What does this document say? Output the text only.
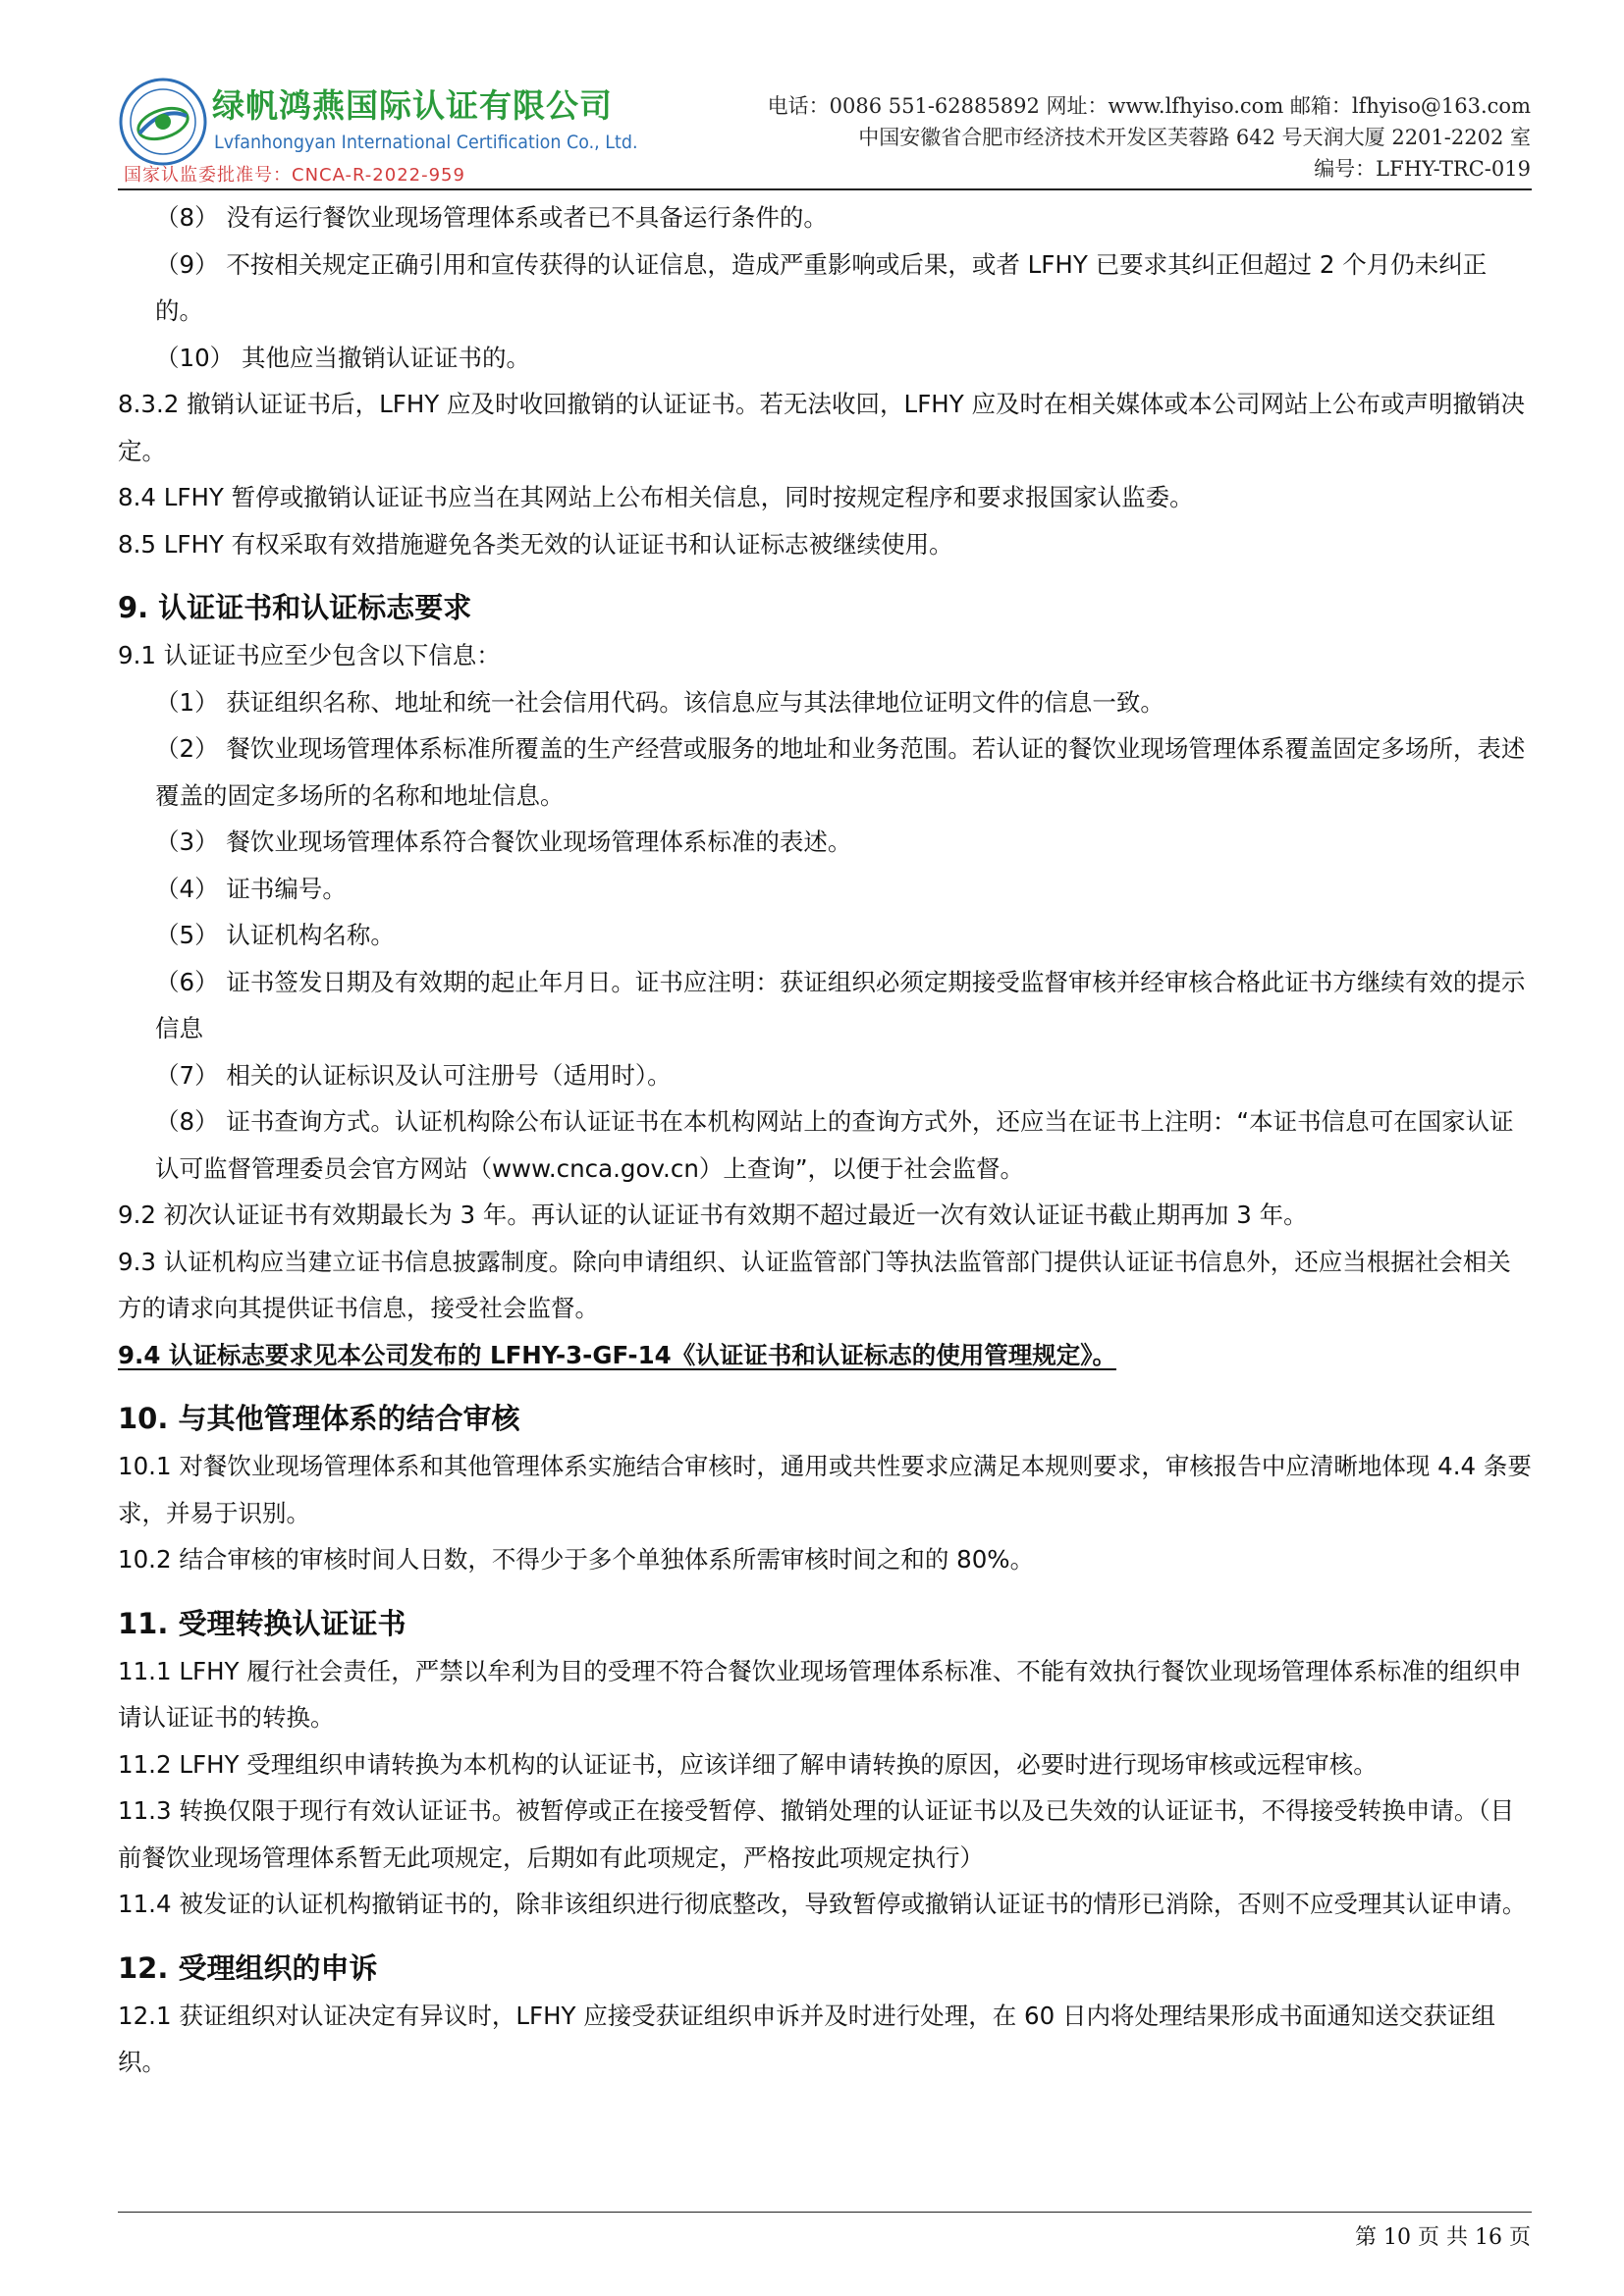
绿帆鸿燕国际认证有限公司
Lvfanhongyan International Certification Co., Ltd.
国家认监委批准号：CNCA-R-2022-959
电话：0086 551-62885892 网址：www.lfhyiso.com 邮箱：lfhyiso@163.com
中国安徽省合肥市经济技术开发区芙蓉路 642 号天润大厦 2201-2202 室
编号：LFHY-TRC-019

（8） 没有运行餐饮业现场管理体系或者已不具备运行条件的。

（9） 不按相关规定正确引用和宣传获得的认证信息，造成严重影响或后果，或者 LFHY 已要求其纠正但超过 2 个月仍未纠正的。

（10） 其他应当撤销认证证书的。

8.3.2 撤销认证证书后，LFHY 应及时收回撤销的认证证书。若无法收回，LFHY 应及时在相关媒体或本公司网站上公布或声明撤销决定。

8.4 LFHY 暂停或撤销认证证书应当在其网站上公布相关信息，同时按规定程序和要求报国家认监委。

8.5 LFHY 有权采取有效措施避免各类无效的认证证书和认证标志被继续使用。

9. 认证证书和认证标志要求

9.1 认证证书应至少包含以下信息：

（1） 获证组织名称、地址和统一社会信用代码。该信息应与其法律地位证明文件的信息一致。

（2） 餐饮业现场管理体系标准所覆盖的生产经营或服务的地址和业务范围。若认证的餐饮业现场管理体系覆盖固定多场所，表述覆盖的固定多场所的名称和地址信息。

（3） 餐饮业现场管理体系符合餐饮业现场管理体系标准的表述。

（4） 证书编号。

（5） 认证机构名称。

（6） 证书签发日期及有效期的起止年月日。证书应注明：获证组织必须定期接受监督审核并经审核合格此证书方继续有效的提示信息

（7） 相关的认证标识及认可注册号（适用时）。

（8） 证书查询方式。认证机构除公布认证证书在本机构网站上的查询方式外，还应当在证书上注明：“本证书信息可在国家认证认可监督管理委员会官方网站（www.cnca.gov.cn）上查询”，以便于社会监督。

9.2 初次认证证书有效期最长为 3 年。再认证的认证证书有效期不超过最近一次有效认证证书截止期再加 3 年。

9.3 认证机构应当建立证书信息披露制度。除向申请组织、认证监管部门等执法监管部门提供认证证书信息外，还应当根据社会相关方的请求向其提供证书信息，接受社会监督。

9.4 认证标志要求见本公司发布的 LFHY-3-GF-14《认证证书和认证标志的使用管理规定》。

10. 与其他管理体系的结合审核

10.1 对餐饮业现场管理体系和其他管理体系实施结合审核时，通用或共性要求应满足本规则要求，审核报告中应清晰地体现 4.4 条要求，并易于识别。

10.2 结合审核的审核时间人日数，不得少于多个单独体系所需审核时间之和的 80%。

11. 受理转换认证证书

11.1 LFHY 履行社会责任，严禁以牟利为目的受理不符合餐饮业现场管理体系标准、不能有效执行餐饮业现场管理体系标准的组织申请认证证书的转换。

11.2 LFHY 受理组织申请转换为本机构的认证证书，应该详细了解申请转换的原因，必要时进行现场审核或远程审核。

11.3 转换仅限于现行有效认证证书。被暂停或正在接受暂停、撤销处理的认证证书以及已失效的认证证书，不得接受转换申请。（目前餐饮业现场管理体系暂无此项规定，后期如有此项规定，严格按此项规定执行）

11.4 被发证的认证机构撤销证书的，除非该组织进行彻底整改，导致暂停或撤销认证证书的情形已消除，否则不应受理其认证申请。

12. 受理组织的申诉

12.1 获证组织对认证决定有异议时，LFHY 应接受获证组织申诉并及时进行处理，在 60 日内将处理结果形成书面通知送交获证组织。

第 10 页 共 16 页
